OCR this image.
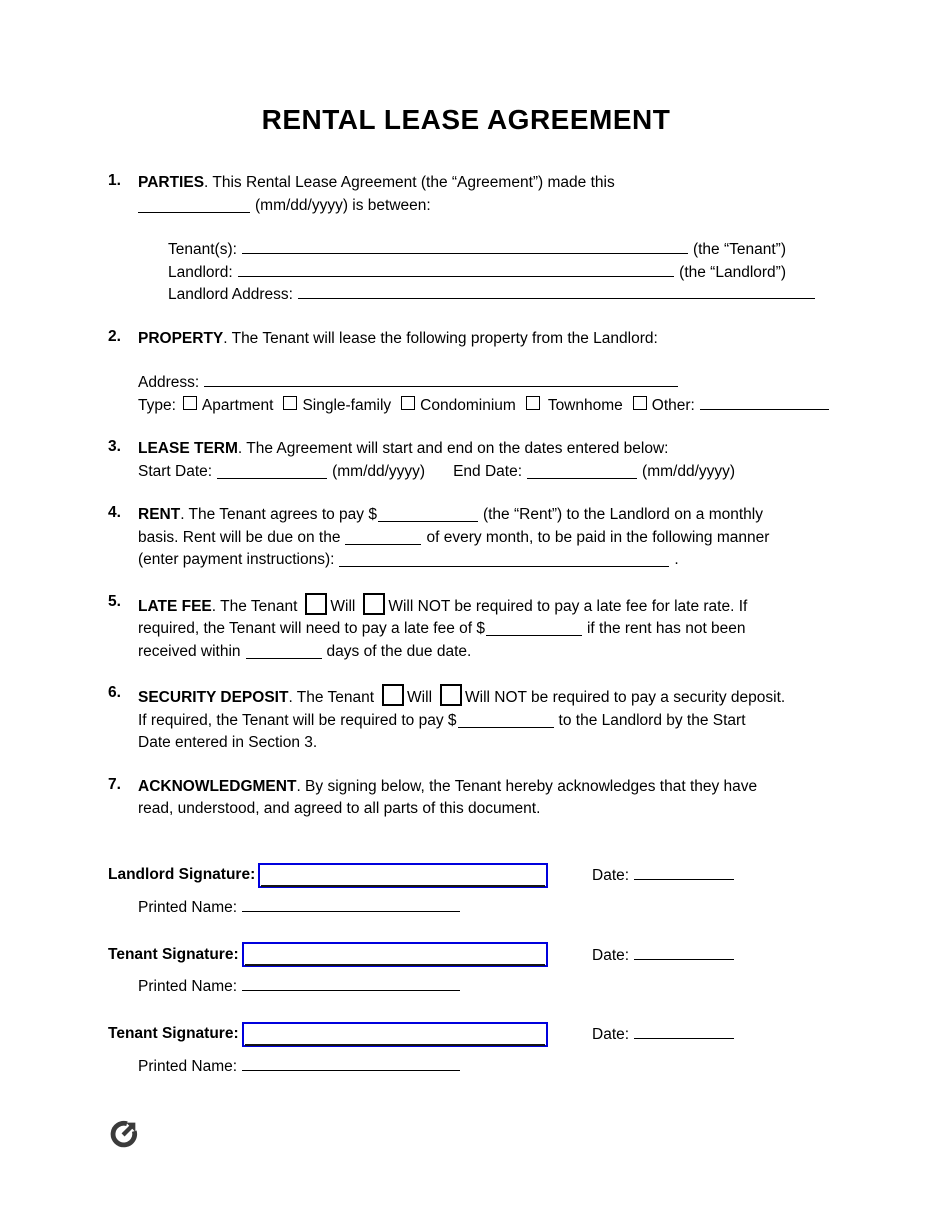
RENTAL LEASE AGREEMENT
1.	PARTIES. This Rental Lease Agreement (the “Agreement”) made this
(mm/dd/yyyy) is between:
Tenant(s):	(the “Tenant”)
Landlord:	(the “Landlord”)
Landlord Address:
2.	PROPERTY. The Tenant will lease the following property from the Landlord:
Address:
Type: Apartment Single-family Condominium Townhome Other:
3.	LEASE TERM. The Agreement will start and end on the dates entered below:
Start Date:	(mm/dd/yyyy) End Date:	(mm/dd/yyyy)
4.	RENT. The Tenant agrees to pay $	(the “Rent”) to the Landlord on a monthly
basis. Rent will be due on the	of every month, to be paid in the following manner
(enter payment instructions):	.
5.	LATE FEE. The Tenant Will Will NOT be required to pay a late fee for late rate. If
required, the Tenant will need to pay a late fee of $	if the rent has not been
received within	days of the due date.
6.	SECURITY DEPOSIT. The Tenant Will Will NOT be required to pay a security deposit.
If required, the Tenant will be required to pay $	to the Landlord by the Start
Date entered in Section 3.
7.	ACKNOWLEDGMENT. By signing below, the Tenant hereby acknowledges that they have
read, understood, and agreed to all parts of this document.
Landlord Signature:	Date:
Printed Name:
Tenant Signature:	Date:
Printed Name:
Tenant Signature:	Date:
Printed Name:
